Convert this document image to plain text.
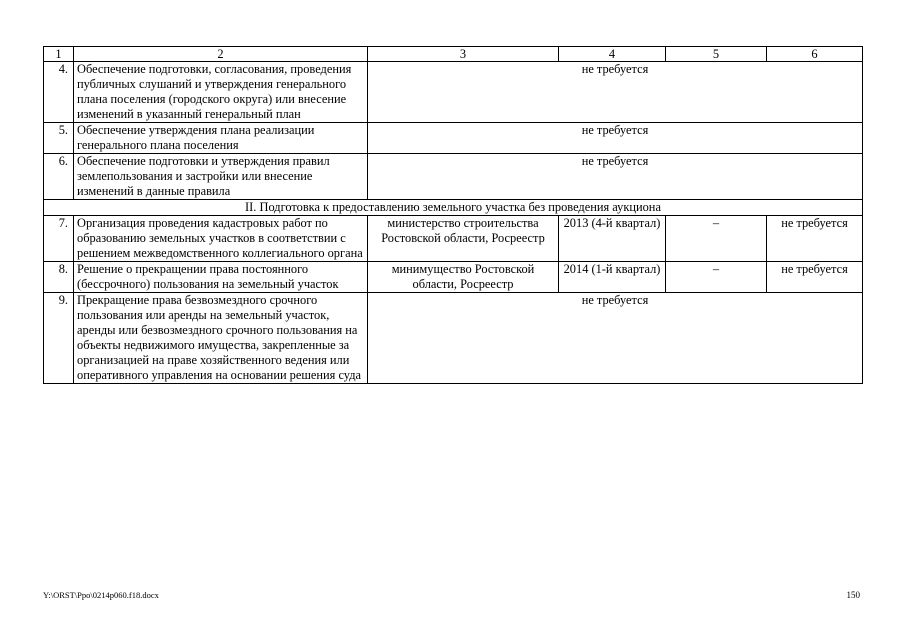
1	2	3	4	5	6
4.	Обеспечение подготовки, согласования, проведения публичных слушаний и утверждения генерального плана поселения (городского округа) или внесение изменений в указанный генеральный план	не требуется			
5.	Обеспечение утверждения плана реализации генерального плана поселения	не требуется			
6.	Обеспечение подготовки и утверждения правил землепользования и застройки или внесение изменений в данные правила	не требуется			
II. Подготовка к предоставлению земельного участка без проведения аукциона					
7.	Организация проведения кадастровых работ по образованию земельных участков в соответствии с решением межведомственного коллегиального органа	министерство строительства Ростовской области, Росреестр	2013 (4-й квартал)	–	не требуется
8.	Решение о прекращении права постоянного (бессрочного) пользования на земельный участок	минимущество Ростовской области, Росреестр	2014 (1-й квартал)	–	не требуется
9.	Прекращение права безвозмездного срочного пользования или аренды на земельный участок, аренды или безвозмездного срочного пользования на объекты недвижимого имущества, закрепленные за организацией на праве хозяйственного ведения или оперативного управления на основании решения суда	не требуется			
Y:\ORST\Ppo\0214p060.f18.docx	150
